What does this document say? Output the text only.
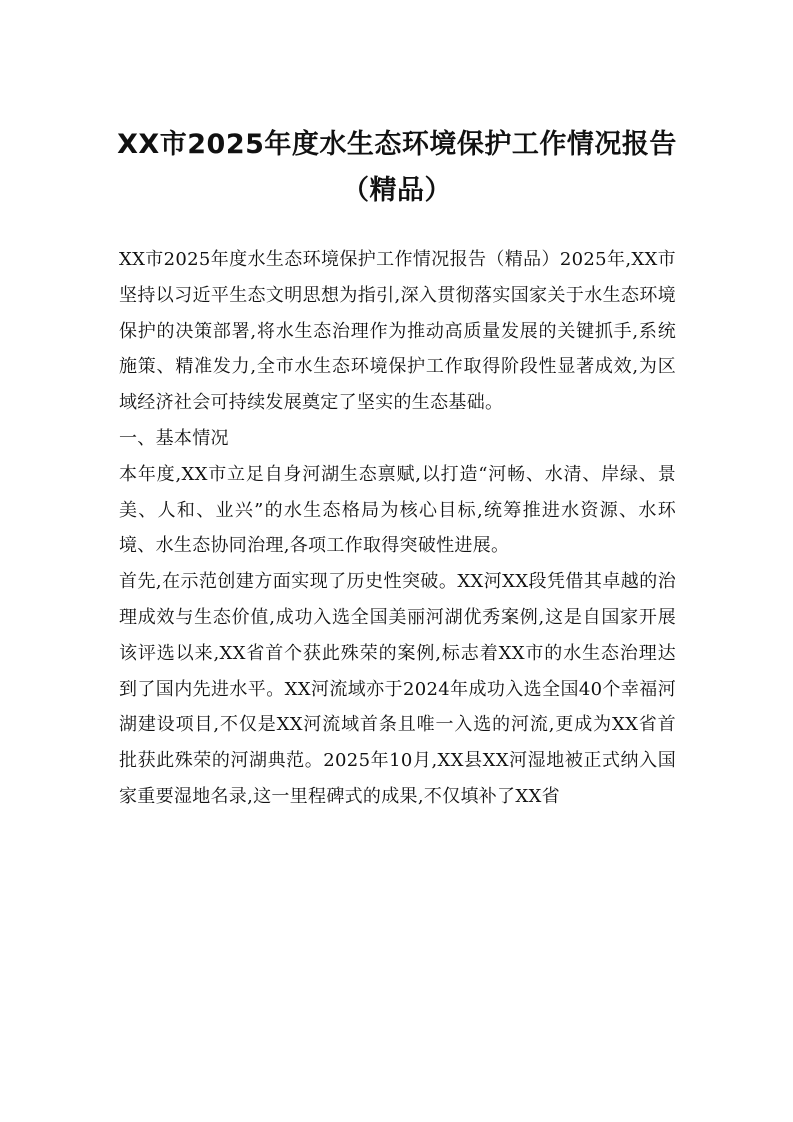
XX市2025年度水生态环境保护工作情况报告（精品）

XX市2025年度水生态环境保护工作情况报告（精品）2025年,XX市坚持以习近平生态文明思想为指引,深入贯彻落实国家关于水生态环境保护的决策部署,将水生态治理作为推动高质量发展的关键抓手,系统施策、精准发力,全市水生态环境保护工作取得阶段性显著成效,为区域经济社会可持续发展奠定了坚实的生态基础。

一、基本情况

本年度,XX市立足自身河湖生态禀赋,以打造“河畅、水清、岸绿、景美、人和、业兴”的水生态格局为核心目标,统筹推进水资源、水环境、水生态协同治理,各项工作取得突破性进展。

首先,在示范创建方面实现了历史性突破。XX河XX段凭借其卓越的治理成效与生态价值,成功入选全国美丽河湖优秀案例,这是自国家开展该评选以来,XX省首个获此殊荣的案例,标志着XX市的水生态治理达到了国内先进水平。XX河流域亦于2024年成功入选全国40个幸福河湖建设项目,不仅是XX河流域首条且唯一入选的河流,更成为XX省首批获此殊荣的河湖典范。2025年10月,XX县XX河湿地被正式纳入国家重要湿地名录,这一里程碑式的成果,不仅填补了XX省
